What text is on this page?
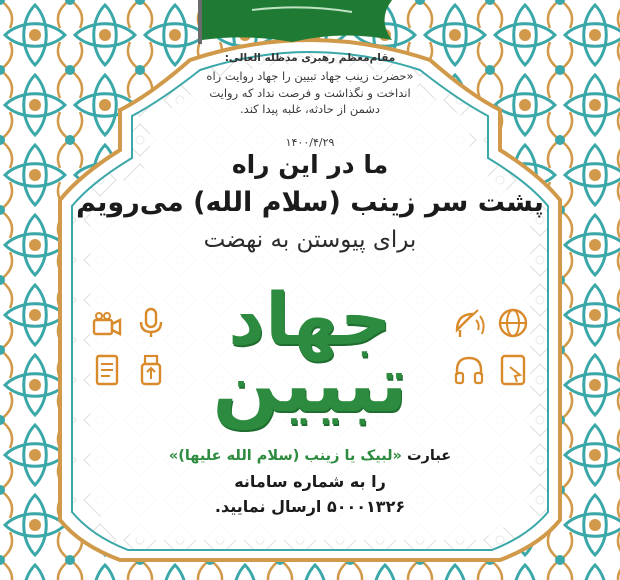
مقام‌معظم رهبری مدظله العالی:

«حضرت زینب جهاد تبیین را جهاد روایت راه

انداخت و نگذاشت و فرصت نداد که روایت

دشمن از حادثه، غلبه پیدا کند.

۱۴۰۰/۴/۲۹

ما در این راه

پشت سر زینب (سلام الله) می‌رویم

برای پیوستن به نهضت

جهاد

تبیین

عبارت «لبیک یا زینب (سلام الله علیها)»

را به شماره سامانه

۵۰۰۰۱۳۲۶ ارسال نمایید.
